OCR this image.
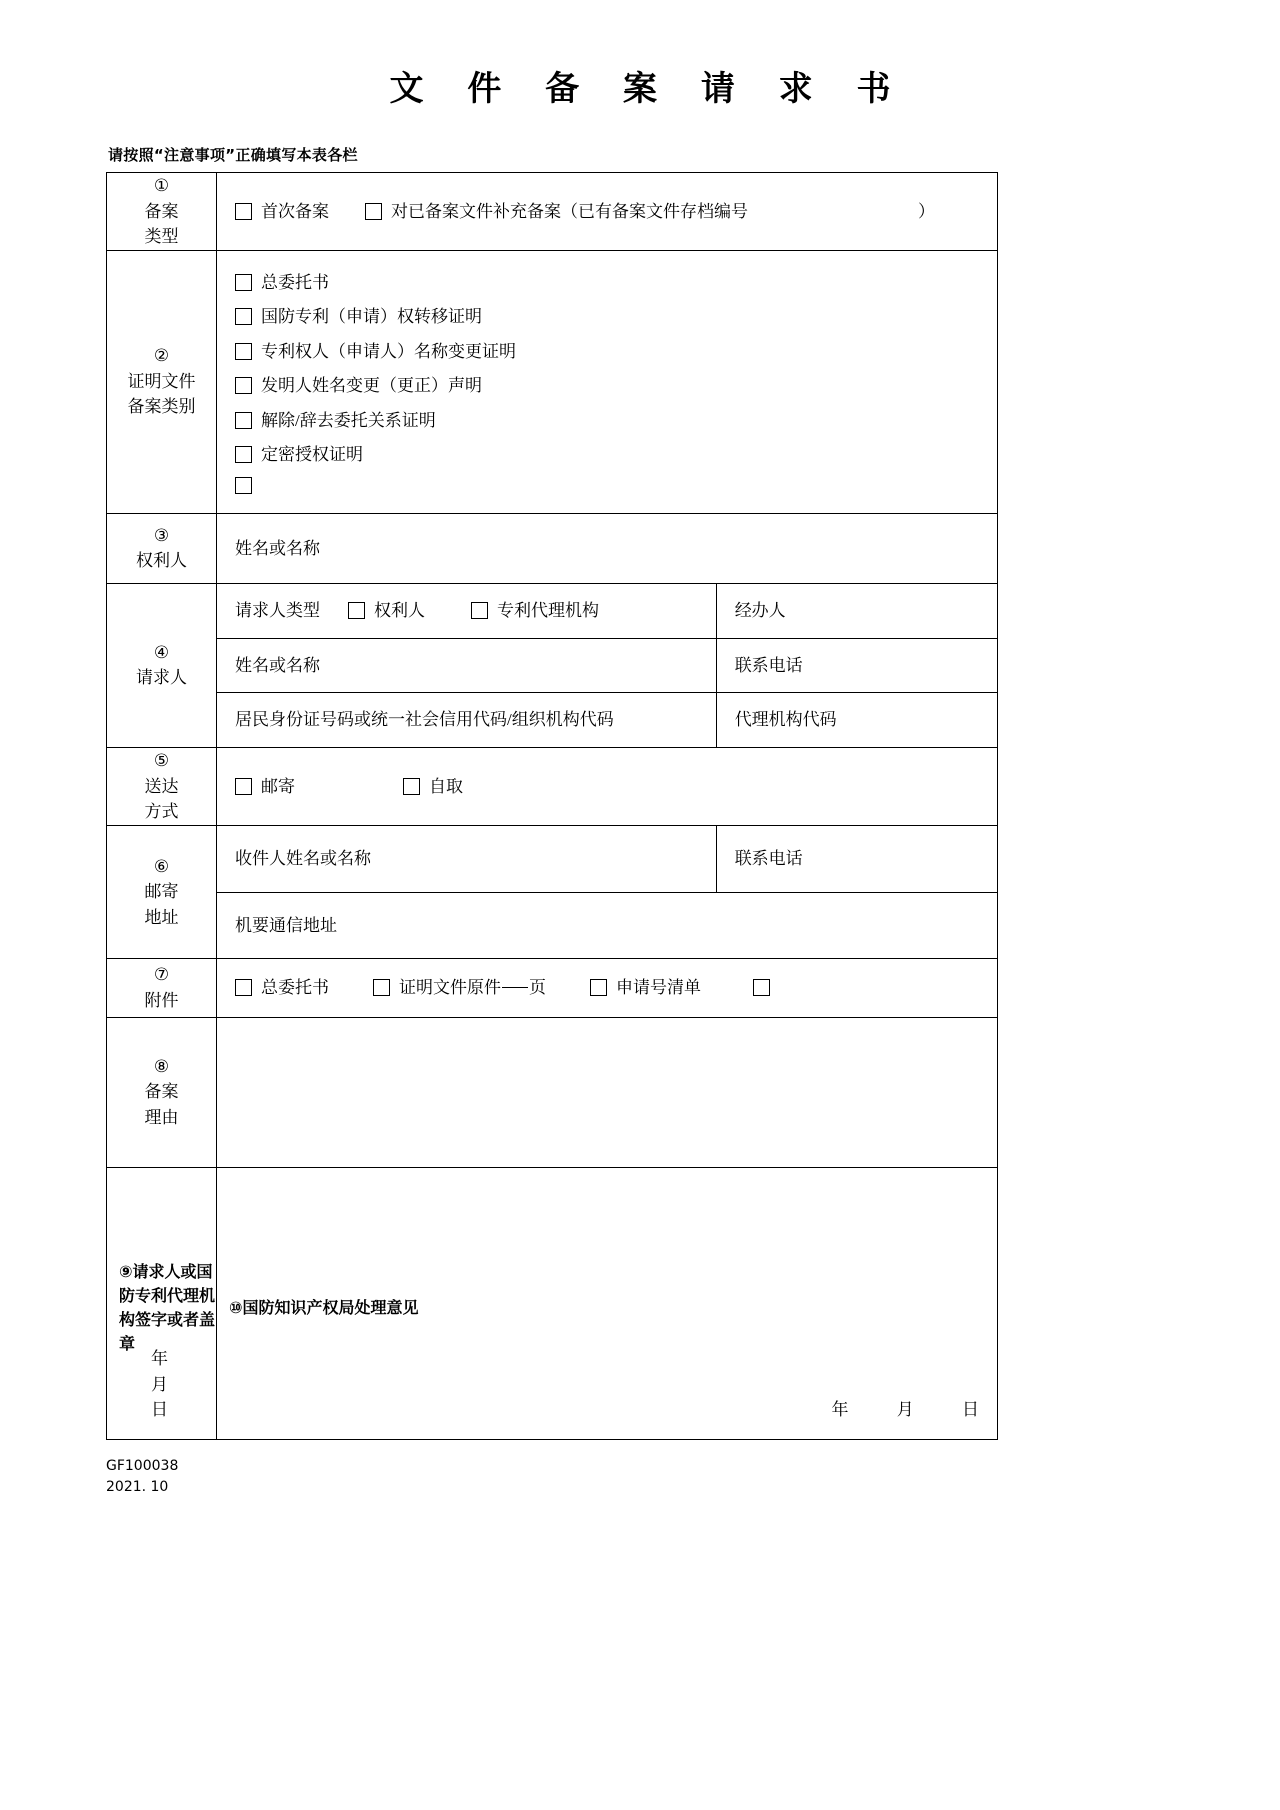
文 件 备 案 请 求 书
请按照“注意事项”正确填写本表各栏
①
备案
类型

首次备案	对已备案文件补充备案（已有备案文件存档编号	）

②
证明文件
备案类别

总委托书
国防专利（申请）权转移证明
专利权人（申请人）名称变更证明
发明人姓名变更（更正）声明
解除/辞去委托关系证明
定密授权证明

③
权利人

姓名或名称

④
请求人

请求人类型	权利人	专利代理机构	经办人
姓名或名称	联系电话
居民身份证号码或统一社会信用代码/组织机构代码	代理机构代码

⑤
送达
方式

邮寄	自取

⑥
邮寄
地址

收件人姓名或名称	联系电话
机要通信地址

⑦
附件

总委托书	证明文件原件 页	申请号清单

⑧
备案
理由

⑨请求人或国防专利代理机构签字或者盖章
年 月 日

⑩国防知识产权局处理意见
年	月	日
GF100038
2021. 10
